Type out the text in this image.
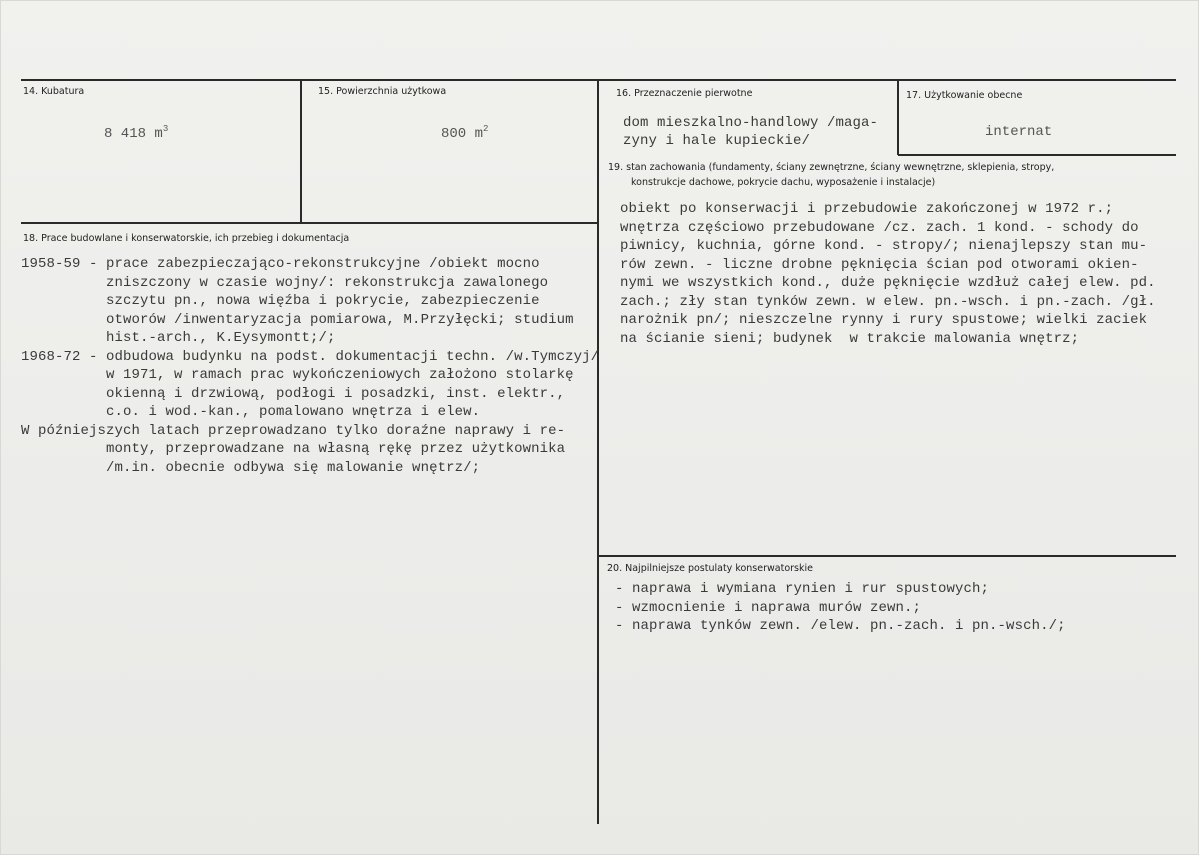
14. Kubatura
8 418 $m^3$
15. Powierzchnia użytkowa
800 $m^2$
16. Przeznaczenie pierwotne
dom mieszkalno-handlowy /maga-
zyny i hale kupieckie/
17. Użytkowanie obecne
internat
19. stan zachowania (fundamenty, ściany zewnętrzne, ściany wewnętrzne, sklepienia, stropy,
konstrukcje dachowe, pokrycie dachu, wyposażenie i instalacje)
obiekt po konserwacji i przebudowie zakończonej w 1972 r.;
wnętrza częściowo przebudowane /cz. zach. 1 kond. - schody do
piwnicy, kuchnia, górne kond. - stropy/; nienajlepszy stan mu-
rów zewn. - liczne drobne pęknięcia ścian pod otworami okien-
nymi we wszystkich kond., duże pęknięcie wzdłuż całej elew. pd.
zach.; zły stan tynków zewn. w elew. pn.-wsch. i pn.-zach. /gł.
narożnik pn/; nieszczelne rynny i rury spustowe; wielki zaciek
na ścianie sieni; budynek  w trakcie malowania wnętrz;
18. Prace budowlane i konserwatorskie, ich przebieg i dokumentacja
1958-59 - prace zabezpieczająco-rekonstrukcyjne /obiekt mocno
zniszczony w czasie wojny/: rekonstrukcja zawalonego
szczytu pn., nowa więźba i pokrycie, zabezpieczenie
otworów /inwentaryzacja pomiarowa, M.Przyłęcki; studium
hist.-arch., K.Eysymontt;/;
1968-72 - odbudowa budynku na podst. dokumentacji techn. /w.Tymczyj/
w 1971, w ramach prac wykończeniowych założono stolarkę
okienną i drzwiową, podłogi i posadzki, inst. elektr.,
c.o. i wod.-kan., pomalowano wnętrza i elew.
W późniejszych latach przeprowadzano tylko doraźne naprawy i re-
monty, przeprowadzane na własną rękę przez użytkownika
/m.in. obecnie odbywa się malowanie wnętrz/;
20. Najpilniejsze postulaty konserwatorskie
- naprawa i wymiana rynien i rur spustowych;
- wzmocnienie i naprawa murów zewn.;
- naprawa tynków zewn. /elew. pn.-zach. i pn.-wsch./;
